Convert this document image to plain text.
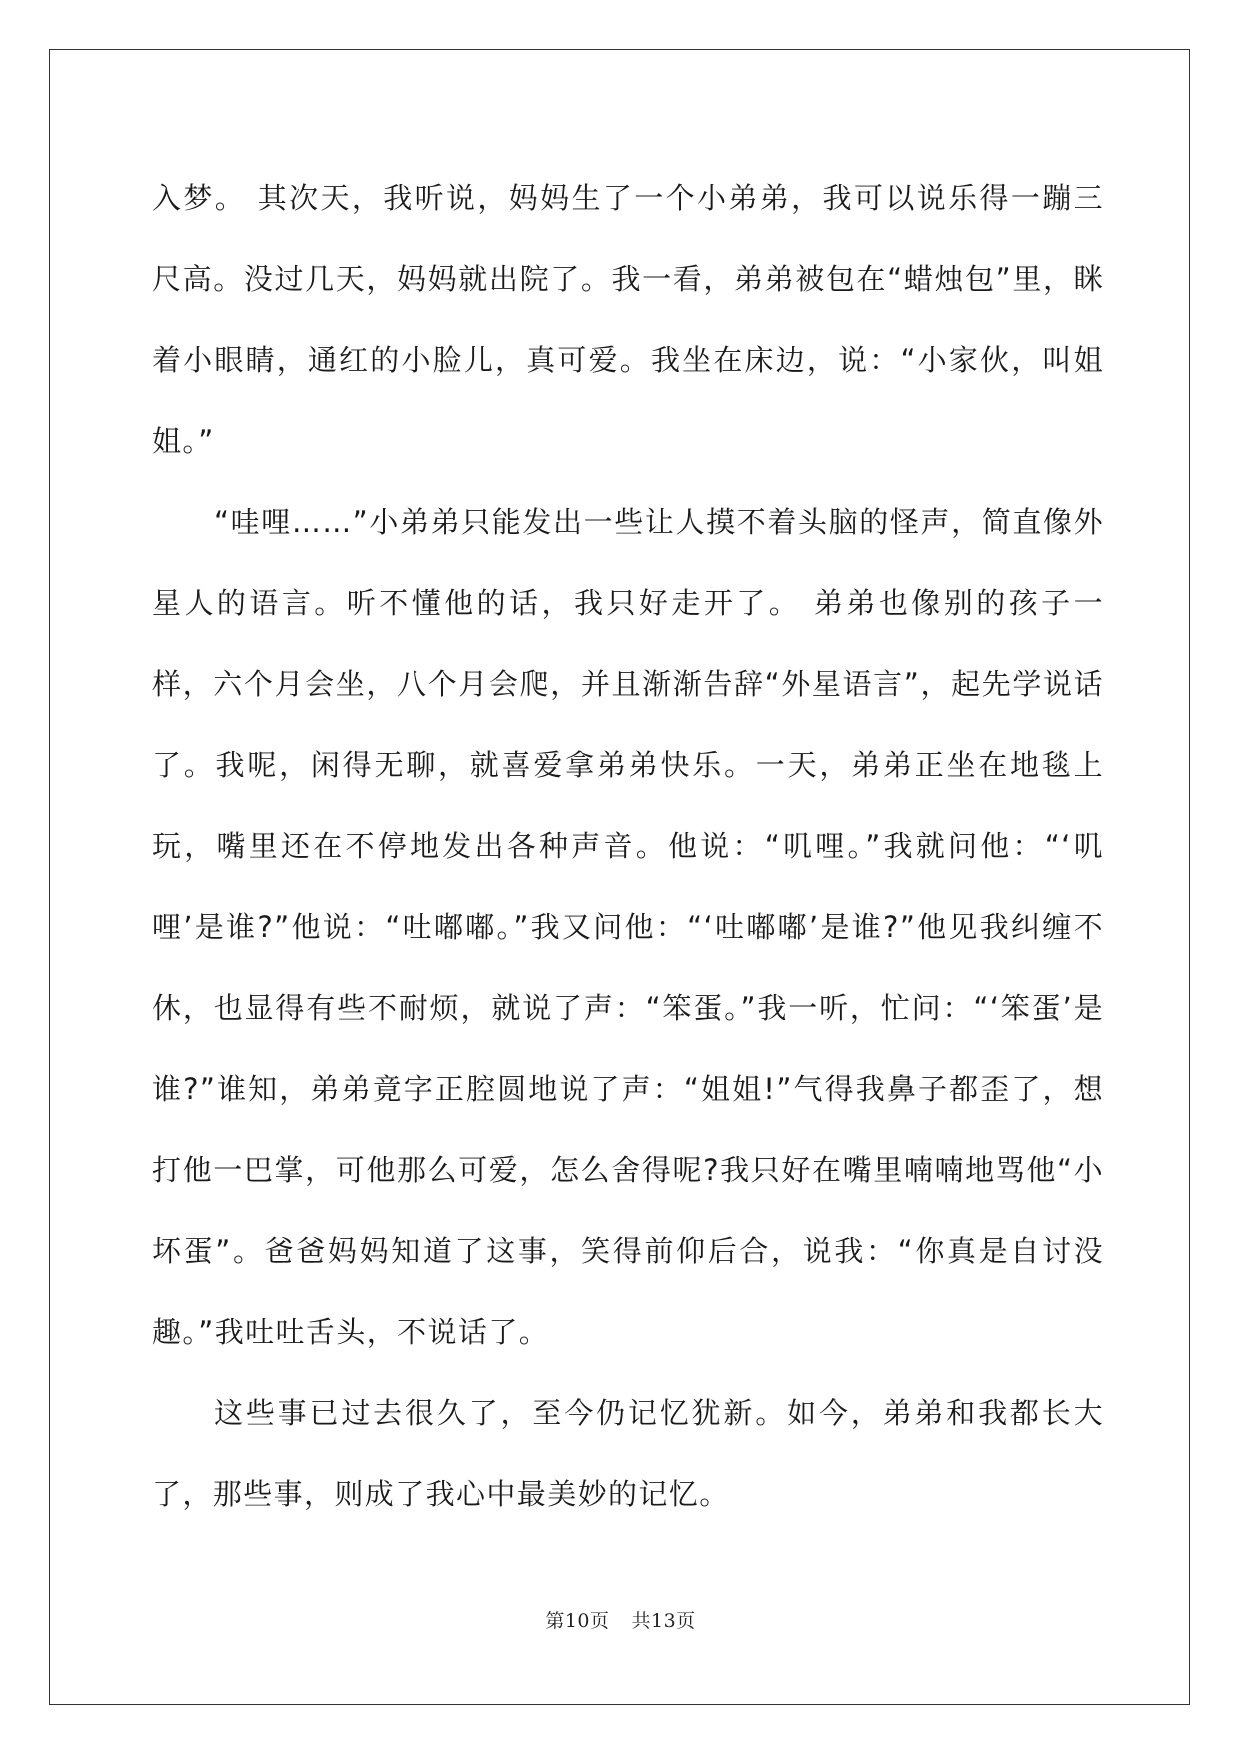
入梦。 其次天，我听说，妈妈生了一个小弟弟，我可以说乐得一蹦三尺高。没过几天，妈妈就出院了。我一看，弟弟被包在“蜡烛包”里，眯着小眼睛，通红的小脸儿，真可爱。我坐在床边，说：“小家伙，叫姐姐。”

“哇哩……”小弟弟只能发出一些让人摸不着头脑的怪声，简直像外星人的语言。听不懂他的话，我只好走开了。 弟弟也像别的孩子一样，六个月会坐，八个月会爬，并且渐渐告辞“外星语言”，起先学说话了。我呢，闲得无聊，就喜爱拿弟弟快乐。一天，弟弟正坐在地毯上玩，嘴里还在不停地发出各种声音。他说：“叽哩。”我就问他：“‘叽哩’是谁?”他说：“吐嘟嘟。”我又问他：“‘吐嘟嘟’是谁?”他见我纠缠不休，也显得有些不耐烦，就说了声：“笨蛋。”我一听，忙问：“‘笨蛋’是谁?”谁知，弟弟竟字正腔圆地说了声：“姐姐!”气得我鼻子都歪了，想打他一巴掌，可他那么可爱，怎么舍得呢?我只好在嘴里喃喃地骂他“小坏蛋”。爸爸妈妈知道了这事，笑得前仰后合，说我：“你真是自讨没趣。”我吐吐舌头，不说话了。

这些事已过去很久了，至今仍记忆犹新。如今，弟弟和我都长大了，那些事，则成了我心中最美妙的记忆。

第10页 共13页
